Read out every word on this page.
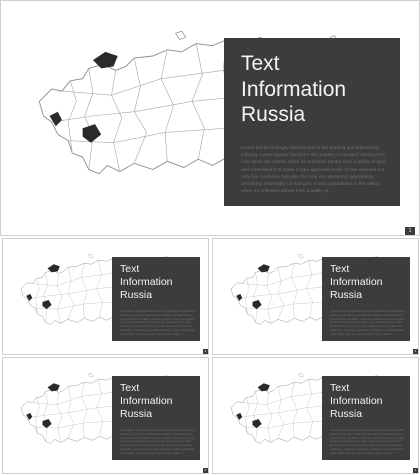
Text
Information
Russia
Lorem Ipsum is simply dummy text of the printing and typesetting industry. Lorem Ipsum has been the industry's standard dummy text ever since the 1500s, when an unknown printer took a galley of type and scrambled it to make a type specimen book. It has survived not only five centuries, but also the leap into electronic typesetting, remaining essentially unchanged. It was popularised in the 1960s, when an unknown printer took a galley of
1
Text
Information
Russia
Lorem Ipsum is simply dummy text of the printing and typesetting industry. Lorem Ipsum has been the industry's standard dummy text ever since the 1500s, when an unknown printer took a galley of type and scrambled it to make a type specimen book. It has survived not only five centuries, but also the leap into electronic typesetting, remaining essentially unchanged. It was popularised in the 1960s, when an unknown printer took a galley of
1
Text
Information
Russia
Lorem Ipsum is simply dummy text of the printing and typesetting industry. Lorem Ipsum has been the industry's standard dummy text ever since the 1500s, when an unknown printer took a galley of type and scrambled it to make a type specimen book. It has survived not only five centuries, but also the leap into electronic typesetting, remaining essentially unchanged. It was popularised in the 1960s, when an unknown printer took a galley of
1
Text
Information
Russia
Lorem Ipsum is simply dummy text of the printing and typesetting industry. Lorem Ipsum has been the industry's standard dummy text ever since the 1500s, when an unknown printer took a galley of type and scrambled it to make a type specimen book. It has survived not only five centuries, but also the leap into electronic typesetting, remaining essentially unchanged. It was popularised in the 1960s, when an unknown printer took a galley of
1
Text
Information
Russia
Lorem Ipsum is simply dummy text of the printing and typesetting industry. Lorem Ipsum has been the industry's standard dummy text ever since the 1500s, when an unknown printer took a galley of type and scrambled it to make a type specimen book. It has survived not only five centuries, but also the leap into electronic typesetting, remaining essentially unchanged. It was popularised in the 1960s, when an unknown printer took a galley of
1
